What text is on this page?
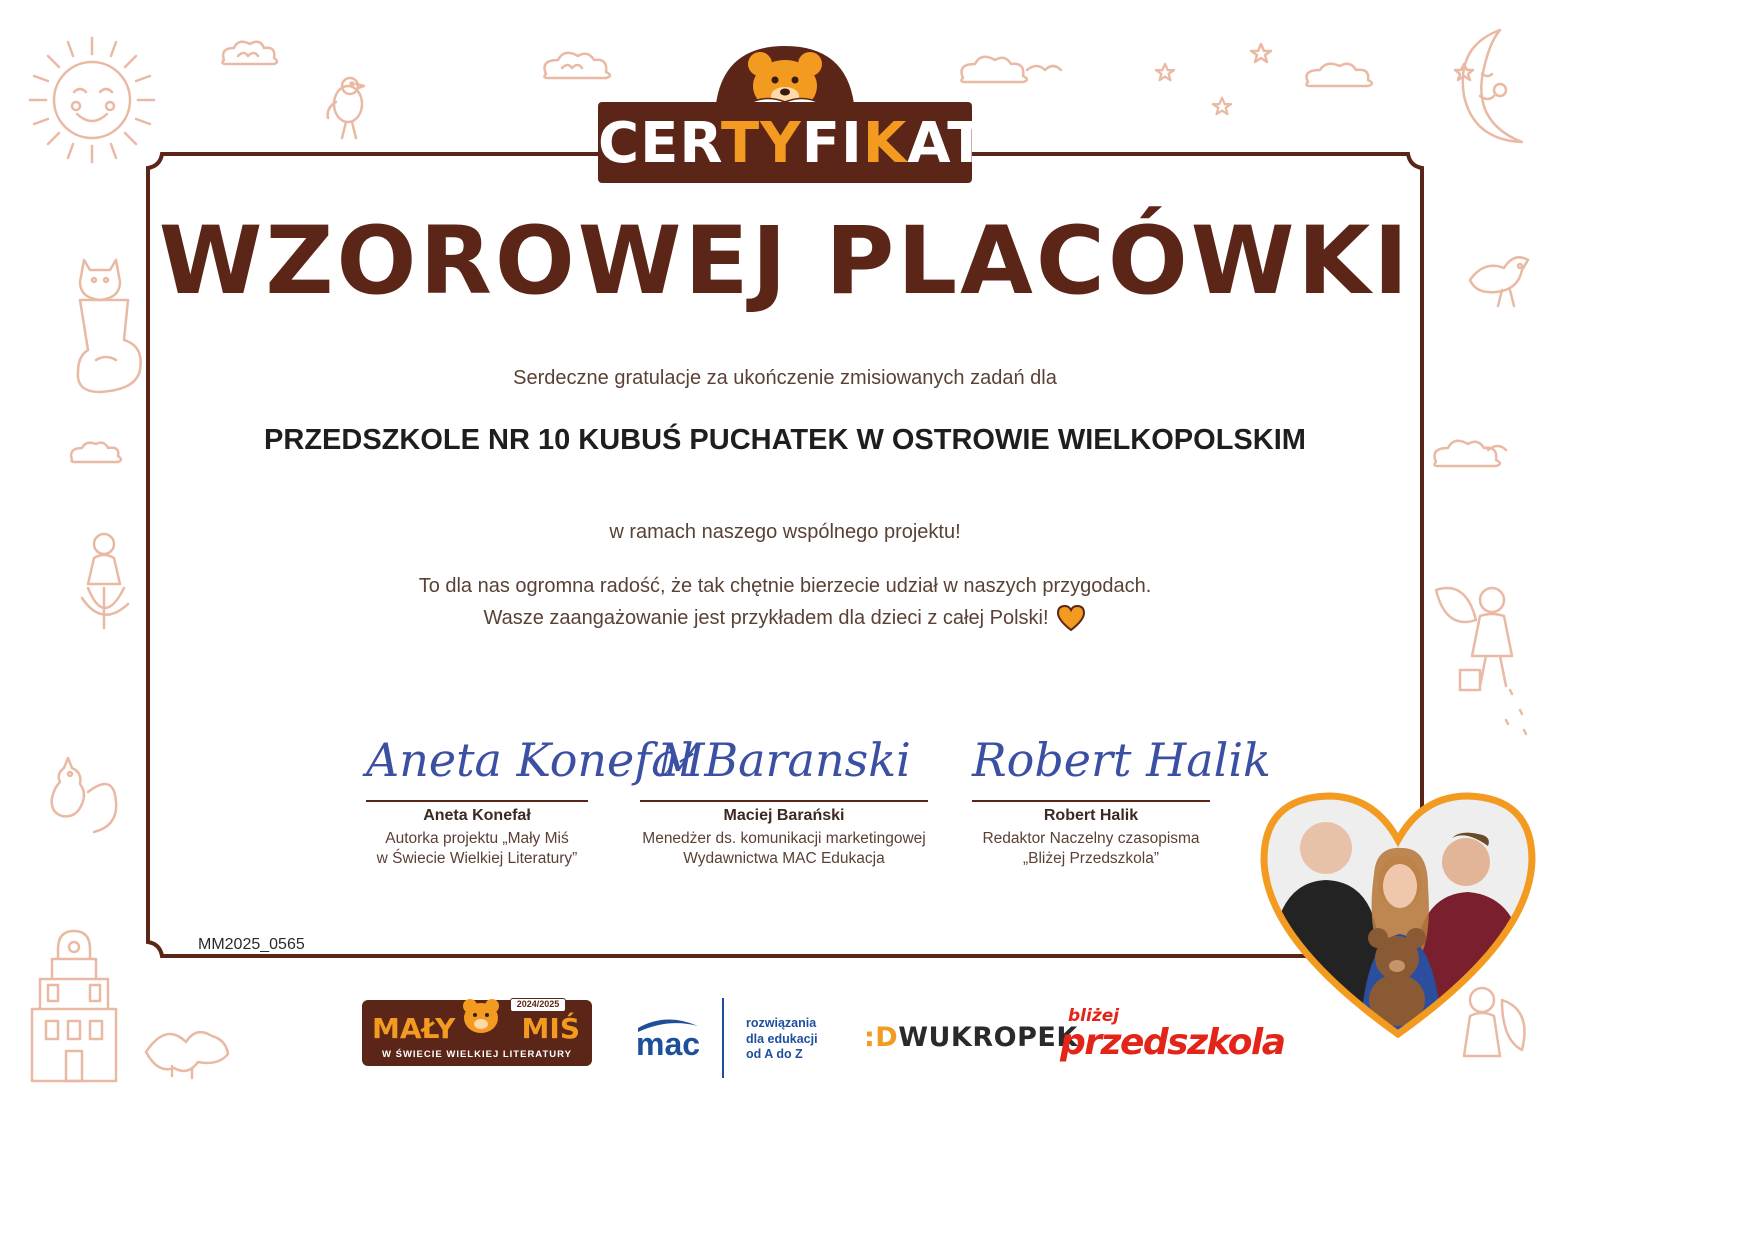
CERTYFIKAT
WZOROWEJ PLACÓWKI
Serdeczne gratulacje za ukończenie zmisiowanych zadań dla
PRZEDSZKOLE NR 10 KUBUŚ PUCHATEK W OSTROWIE WIELKOPOLSKIM
w ramach naszego wspólnego projektu!
To dla nas ogromna radość, że tak chętnie bierzecie udział w naszych przygodach.
Wasze zaangażowanie jest przykładem dla dzieci z całej Polski!
Aneta Konefał
Aneta Konefał
Autorka projektu „Mały Miś
w Świecie Wielkiej Literatury”
MBaranski
Maciej Barański
Menedżer ds. komunikacji marketingowej
Wydawnictwa MAC Edukacja
Robert Halik
Robert Halik
Redaktor Naczelny czasopisma
„Bliżej Przedszkola”
MM2025_0565
MAŁY MIŚ
W ŚWIECIE WIELKIEJ LITERATURY
2024/2025
mac
rozwiązania
dla edukacji
od A do Z
:DWUKROPEK
bliżej
przedszkola
